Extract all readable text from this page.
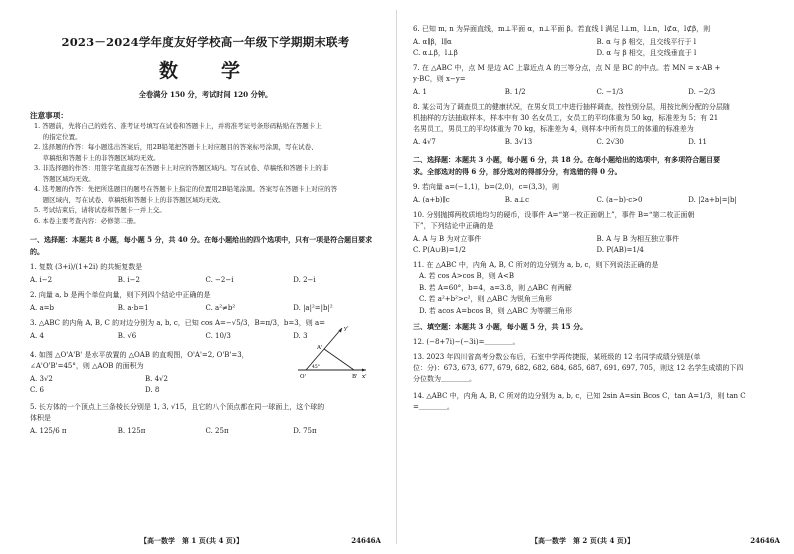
2023－2024学年度友好学校高一年级下学期期末联考
数　学
全卷满分 150 分，考试时间 120 分钟。
注意事项：
1. 答题前，先将自己的姓名、准考证号填写在试卷和答题卡上，并将准考证号条形码粘贴在答题卡上
　 的指定位置。
2. 选择题的作答：每小题选出答案后，用2B铅笔把答题卡上对应题目的答案标号涂黑，写在试卷、
　 草稿纸和答题卡上的非答题区域均无效。
3. 非选择题的作答：用签字笔直接写在答题卡上对应的答题区域内。写在试卷、草稿纸和答题卡上的非
　 答题区域均无效。
4. 选考题的作答：先把所选题目的题号在答题卡上指定的位置用2B铅笔涂黑。答案写在答题卡上对应的答
　 题区域内，写在试卷、草稿纸和答题卡上的非答题区域均无效。
5. 考试结束后，请将试卷和答题卡一并上交。
6. 本卷主要考查内容：必修第二册。
一、选择题：本题共 8 小题，每小题 5 分，共 40 分。在每小题给出的四个选项中，只有一项是符合题目要求的。
1. 复数 (3+i)/(1+2i) 的共轭复数是
A. i−2	B. i−2	C. −2−i	D. 2−i
2. 向量 a, b 是两个单位向量，则下列四个结论中正确的是
A. a=b	B. a·b=1	C. a²≠b²	D. |a|²=|b|²
3. △ABC 的内角 A, B, C 的对边分别为 a, b, c，已知 cos A=−√5/3，B=π/3，b=3，则 a=
A. 4	B. √6	C. 10/3	D. 3
4. 如图 △O'A'B' 是水平放置的 △OAB 的直观图，O'A'=2, O'B'=3，
∠A'O'B'=45°，则 △AOB 的面积为
A. 3√2	B. 4√2
C. 6	D. 8
5. 长方体的一个顶点上三条棱长分别是 1, 3, √15，且它的八个顶点都在同一球面上，这个球的
体积是
A. 125/6 π	B. 125π	C. 25π	D. 75π
O'
A'
B' x'
y'
45°
【高一数学　第 1 页(共 4 页)】	24646A
6. 已知 m, n 为异面直线，m⊥平面 α，n⊥平面 β。若直线 l 满足 l⊥m，l⊥n，l⊄α，l⊄β，则
A. α∥β，l∥α	B. α 与 β 相交，且交线平行于 l
C. α⊥β，l⊥β	D. α 与 β 相交，且交线垂直于 l
7. 在 △ABC 中，点 M 是边 AC 上靠近点 A 的三等分点，点 N 是 BC 的中点。若 MN = x·AB +
y·BC，则 x−y=
A. 1	B. 1/2	C. −1/3	D. −2/3
8. 某公司为了调查员工的健康状况，在男女员工中进行抽样调查，按性别分层，用按比例分配的分层随
机抽样的方法抽取样本，样本中有 30 名女员工，女员工的平均体重为 50 kg，标准差为 5；有 21
名男员工，男员工的平均体重为 70 kg，标准差为 4，则样本中所有员工的体重的标准差为
A. 4√7	B. 3√13	C. 2√30	D. 11
二、选择题：本题共 3 小题，每小题 6 分，共 18 分。在每小题给出的选项中，有多项符合题目要
求。全部选对的得 6 分，部分选对的得部分分，有选错的得 0 分。
9. 若向量 a=(−1,1)，b=(2,0)，c=(3,3)，则
A. (a+b)∥c	B. a⊥c	C. (a−b)·c>0	D. |2a+b|=|b|
10. 分别抛掷两枚质地均匀的硬币，设事件 A=“第一枚正面朝上”，事件 B=“第二枚正面朝
下”，下列结论中正确的是
A. A 与 B 为对立事件	B. A 与 B 为相互独立事件
C. P(A∪B)=1/2	D. P(AB)=1/4
11. 在 △ABC 中，内角 A, B, C 所对的边分别为 a, b, c，则下列说法正确的是
A. 若 cos A>cos B，则 A<B
B. 若 A=60°，b=4，a=3.8，则 △ABC 有两解
C. 若 a²+b²>c²，则 △ABC 为锐角三角形
D. 若 acos A=bcos B，则 △ABC 为等腰三角形
三、填空题：本题共 3 小题，每小题 5 分，共 15 分。
12. (−8+7i)−(−3i)=＿＿＿＿。
13. 2023 年四川省高考分数公布后，石室中学再传捷报，某班级的 12 名同学成绩分别是(单
位：分)：673, 673, 677, 679, 682, 682, 684, 685, 687, 691, 697, 705，则这 12 名学生成绩的下四
分位数为＿＿＿＿。
14. △ABC 中，内角 A, B, C 所对的边分别为 a, b, c，已知 2sin A=sin Bcos C，tan A=1/3，则 tan C
=＿＿＿＿。
【高一数学　第 2 页(共 4 页)】	24646A
